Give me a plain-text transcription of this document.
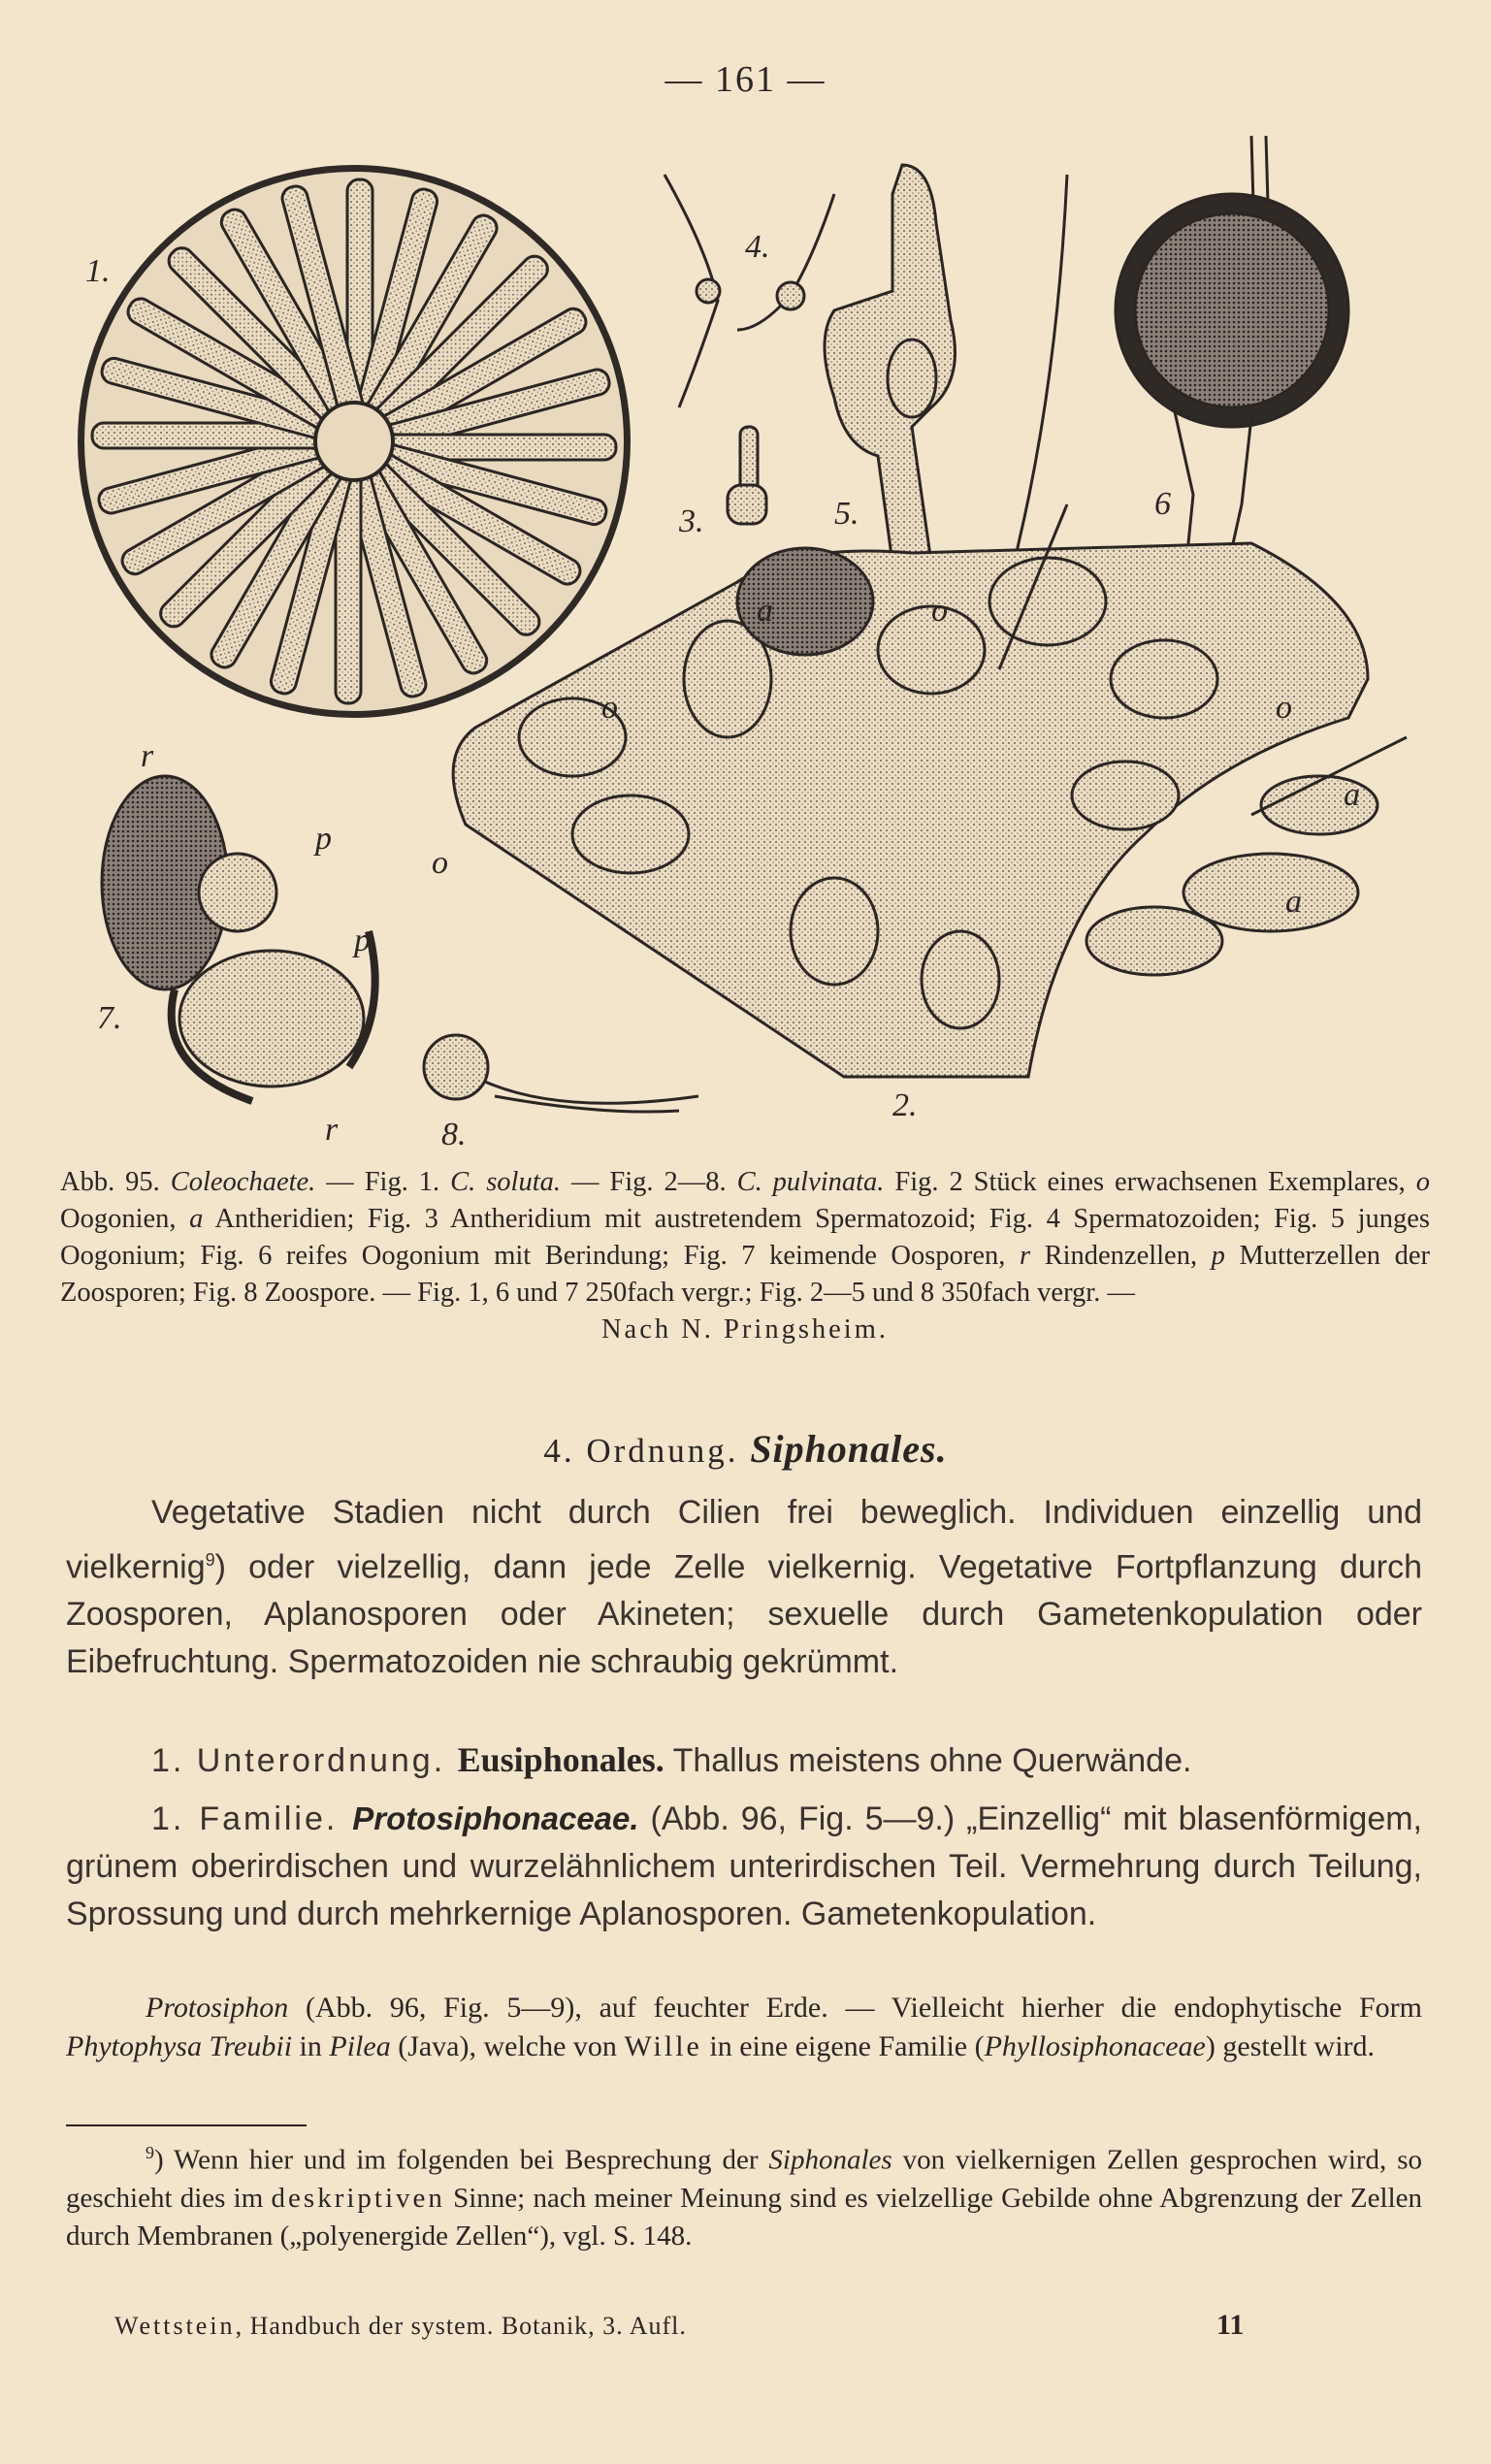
— 161 —
1.
4.
3.	5.	6
2.
a
o
o
o
o
a
a
7.
r
p
p
r	8.
Abb. 95. Coleochaete. — Fig. 1. C. soluta. — Fig. 2—8. C. pulvinata. Fig. 2 Stück eines erwachsenen Exemplares, o Oogonien, a Antheridien; Fig. 3 Antheridium mit austretendem Spermatozoid; Fig. 4 Spermatozoiden; Fig. 5 junges Oogonium; Fig. 6 reifes Oogonium mit Berindung; Fig. 7 keimende Oosporen, r Rindenzellen, p Mutterzellen der Zoosporen; Fig. 8 Zoospore. — Fig. 1, 6 und 7 250fach vergr.; Fig. 2—5 und 8 350fach vergr. —
Nach N. Pringsheim.
4. Ordnung. Siphonales.
Vegetative Stadien nicht durch Cilien frei beweglich. Individuen einzellig und vielkernig$^9$) oder vielzellig, dann jede Zelle vielkernig. Vegetative Fortpflanzung durch Zoosporen, Aplanosporen oder Akineten; sexuelle durch Gametenkopulation oder Eibefruchtung. Spermatozoiden nie schraubig gekrümmt.
1. Unterordnung. Eusiphonales. Thallus meistens ohne Querwände.
1. Familie. Protosiphonaceae. (Abb. 96, Fig. 5—9.) „Einzellig“ mit blasenförmigem, grünem oberirdischen und wurzelähnlichem unterirdischen Teil. Vermehrung durch Teilung, Sprossung und durch mehrkernige Aplanosporen. Gametenkopulation.
Protosiphon (Abb. 96, Fig. 5—9), auf feuchter Erde. — Vielleicht hierher die endophytische Form Phytophysa Treubii in Pilea (Java), welche von Wille in eine eigene Familie (Phyllosiphonaceae) gestellt wird.
$^9$) Wenn hier und im folgenden bei Besprechung der Siphonales von vielkernigen Zellen gesprochen wird, so geschieht dies im deskriptiven Sinne; nach meiner Meinung sind es vielzellige Gebilde ohne Abgrenzung der Zellen durch Membranen („polyenergide Zellen“), vgl. S. 148.
Wettstein, Handbuch der system. Botanik, 3. Aufl.	11
